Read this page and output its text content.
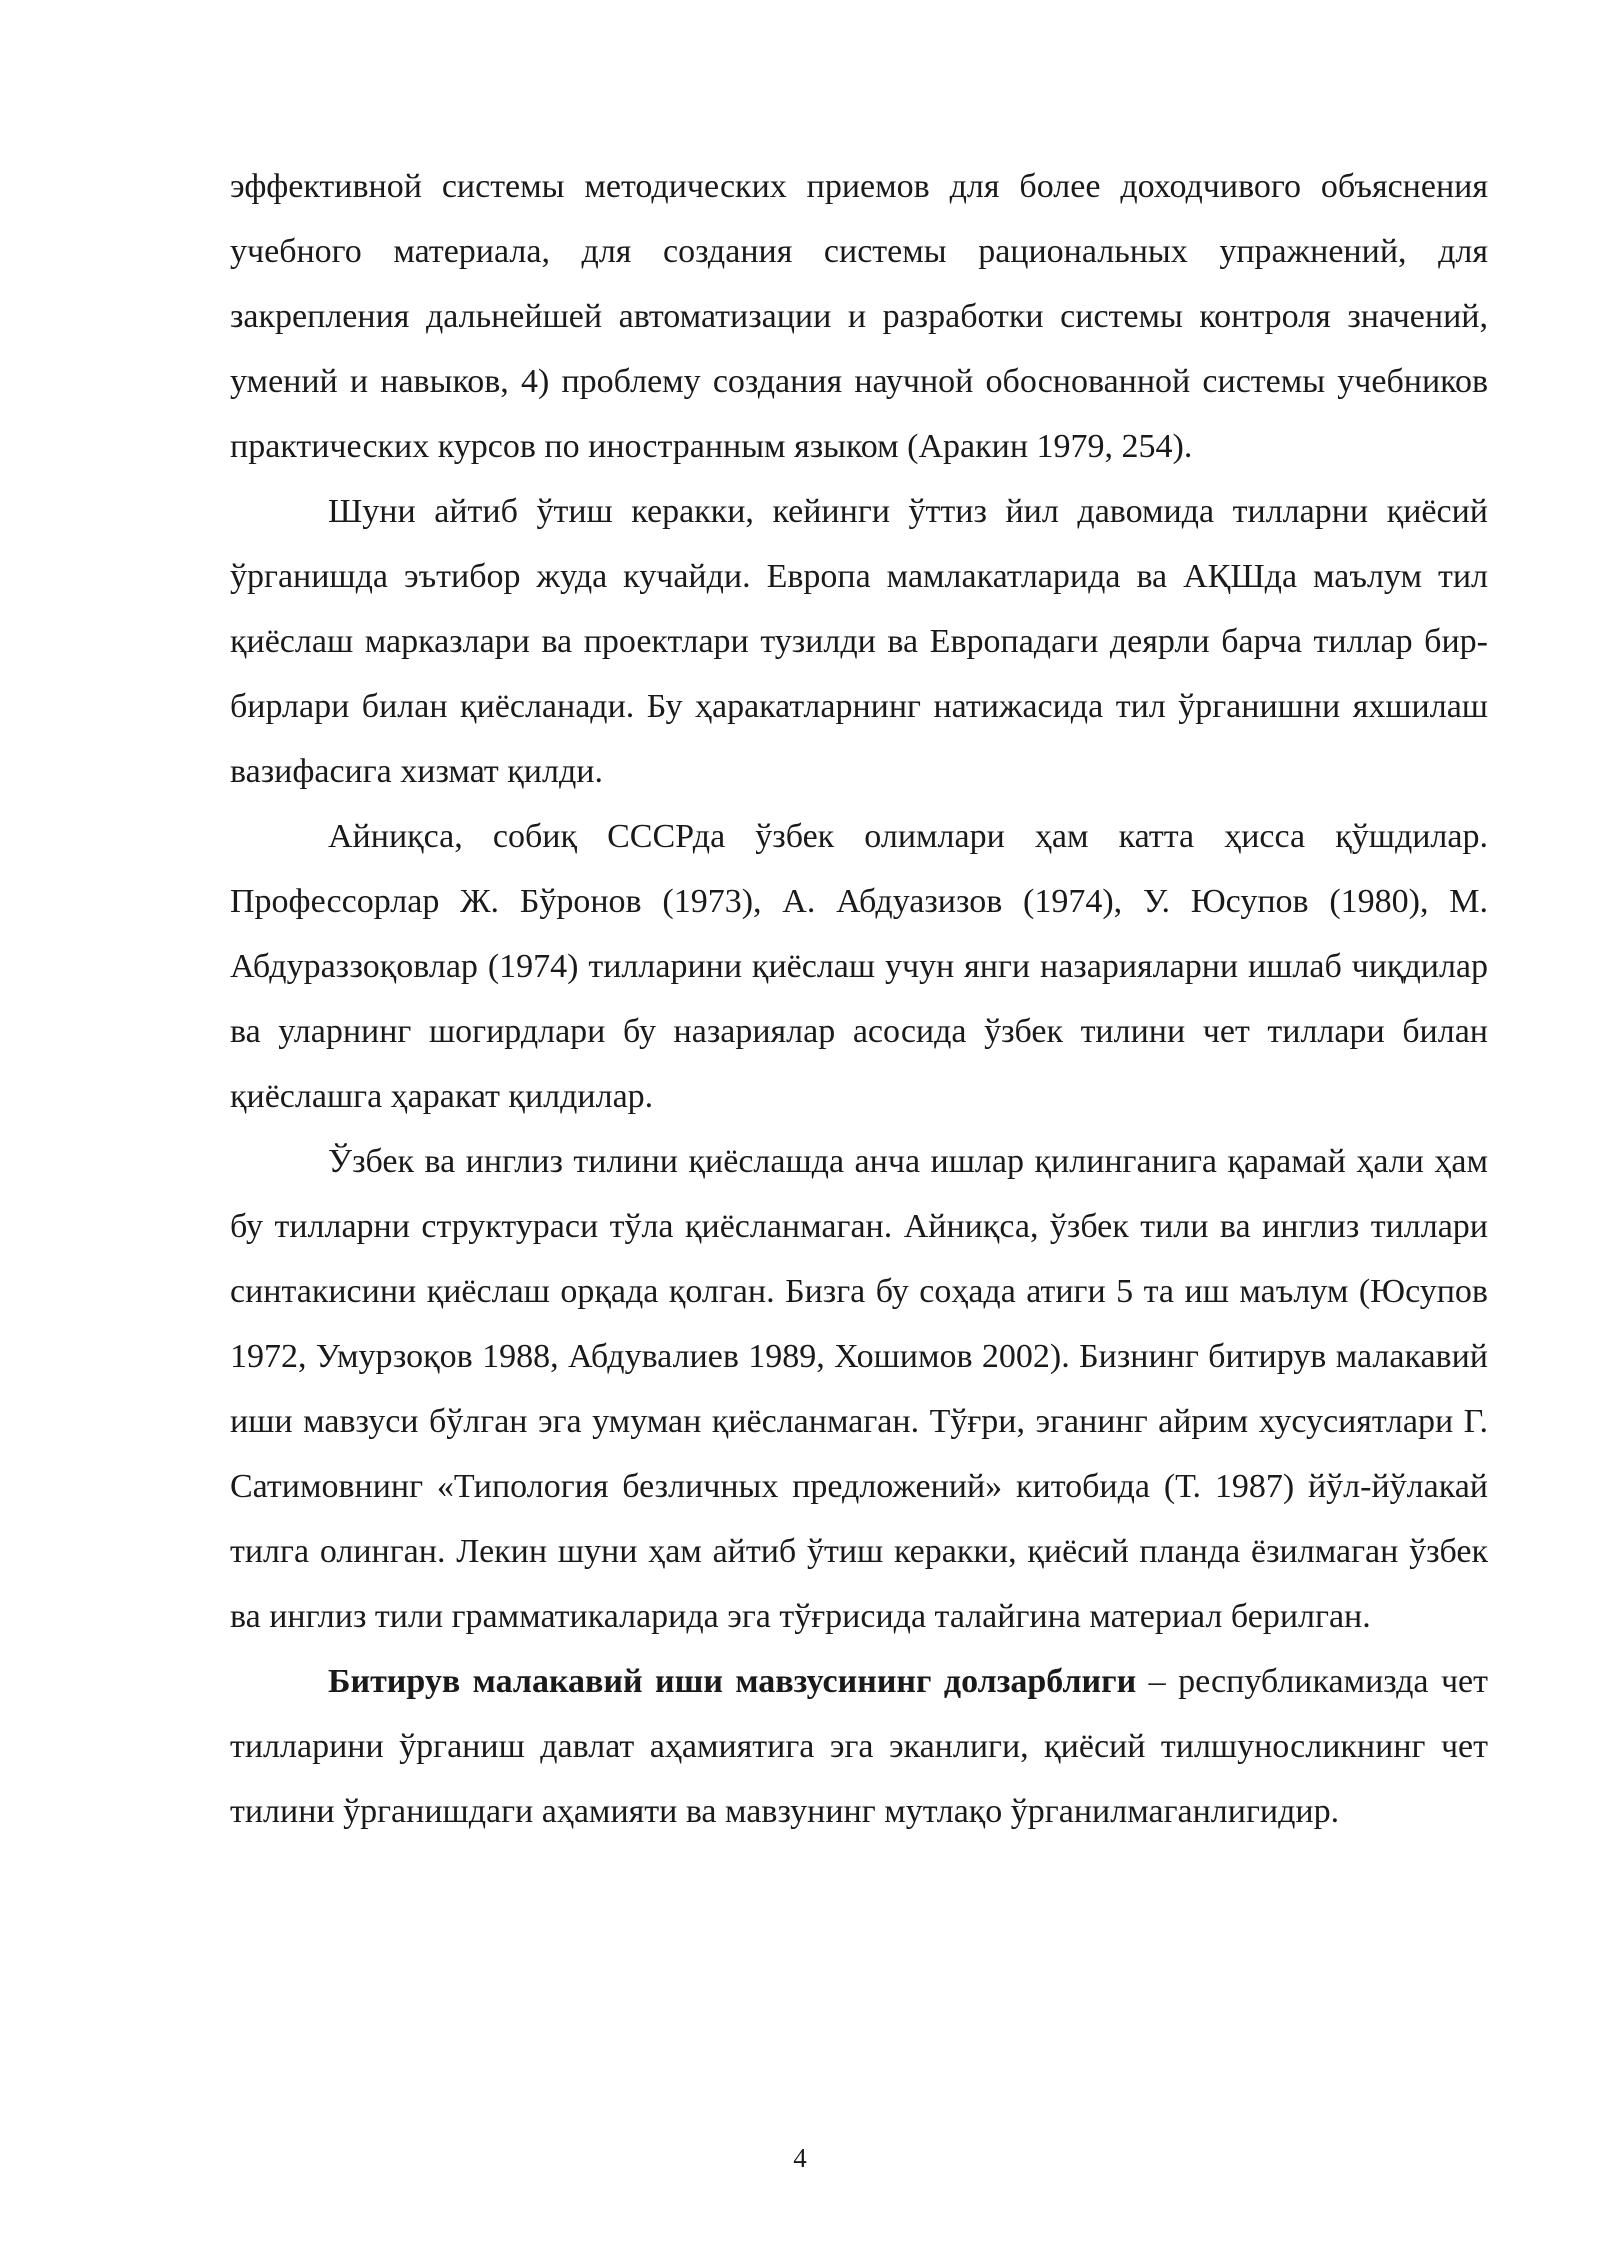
эффективной системы методических приемов для более доходчивого объяснения учебного материала, для создания системы рациональных упражнений, для закрепления дальнейшей автоматизации и разработки системы контроля значений, умений и навыков, 4) проблему создания научной обоснованной системы учебников практических курсов по иностранным языком (Аракин 1979, 254).

Шуни айтиб ўтиш керакки, кейинги ўттиз йил давомида тилларни қиёсий ўрганишда эътибор жуда кучайди. Европа мамлакатларида ва АҚШда маълум тил қиёслаш марказлари ва проектлари тузилди ва Европадаги деярли барча тиллар бир-бирлари билан қиёсланади. Бу ҳаракатларнинг натижасида тил ўрганишни яхшилаш вазифасига хизмат қилди.

Айниқса, собиқ СССРда ўзбек олимлари ҳам катта ҳисса қўшдилар. Профессорлар Ж. Бўронов (1973), А. Абдуазизов (1974), У. Юсупов (1980), М. Абдураззоқовлар (1974) тилларини қиёслаш учун янги назарияларни ишлаб чиқдилар ва уларнинг шогирдлари бу назариялар асосида ўзбек тилини чет тиллари билан қиёслашга ҳаракат қилдилар.

Ўзбек ва инглиз тилини қиёслашда анча ишлар қилинганига қарамай ҳали ҳам бу тилларни структураси тўла қиёсланмаган. Айниқса, ўзбек тили ва инглиз тиллари синтакисини қиёслаш орқада қолган. Бизга бу соҳада атиги 5 та иш маълум (Юсупов 1972, Умурзоқов 1988, Абдувалиев 1989, Хошимов 2002). Бизнинг битирув малакавий иши мавзуси бўлган эга умуман қиёсланмаган. Тўғри, эганинг айрим хусусиятлари Г. Сатимовнинг «Типология безличных предложений» китобида (Т. 1987) йўл-йўлакай тилга олинган. Лекин шуни ҳам айтиб ўтиш керакки, қиёсий планда ёзилмаган ўзбек ва инглиз тили грамматикаларида эга тўғрисида талайгина материал берилган.

Битирув малакавий иши мавзусининг долзарблиги – республикамизда чет тилларини ўрганиш давлат аҳамиятига эга эканлиги, қиёсий тилшуносликнинг чет тилини ўрганишдаги аҳамияти ва мавзунинг мутлақо ўрганилмаганлигидир.

4
